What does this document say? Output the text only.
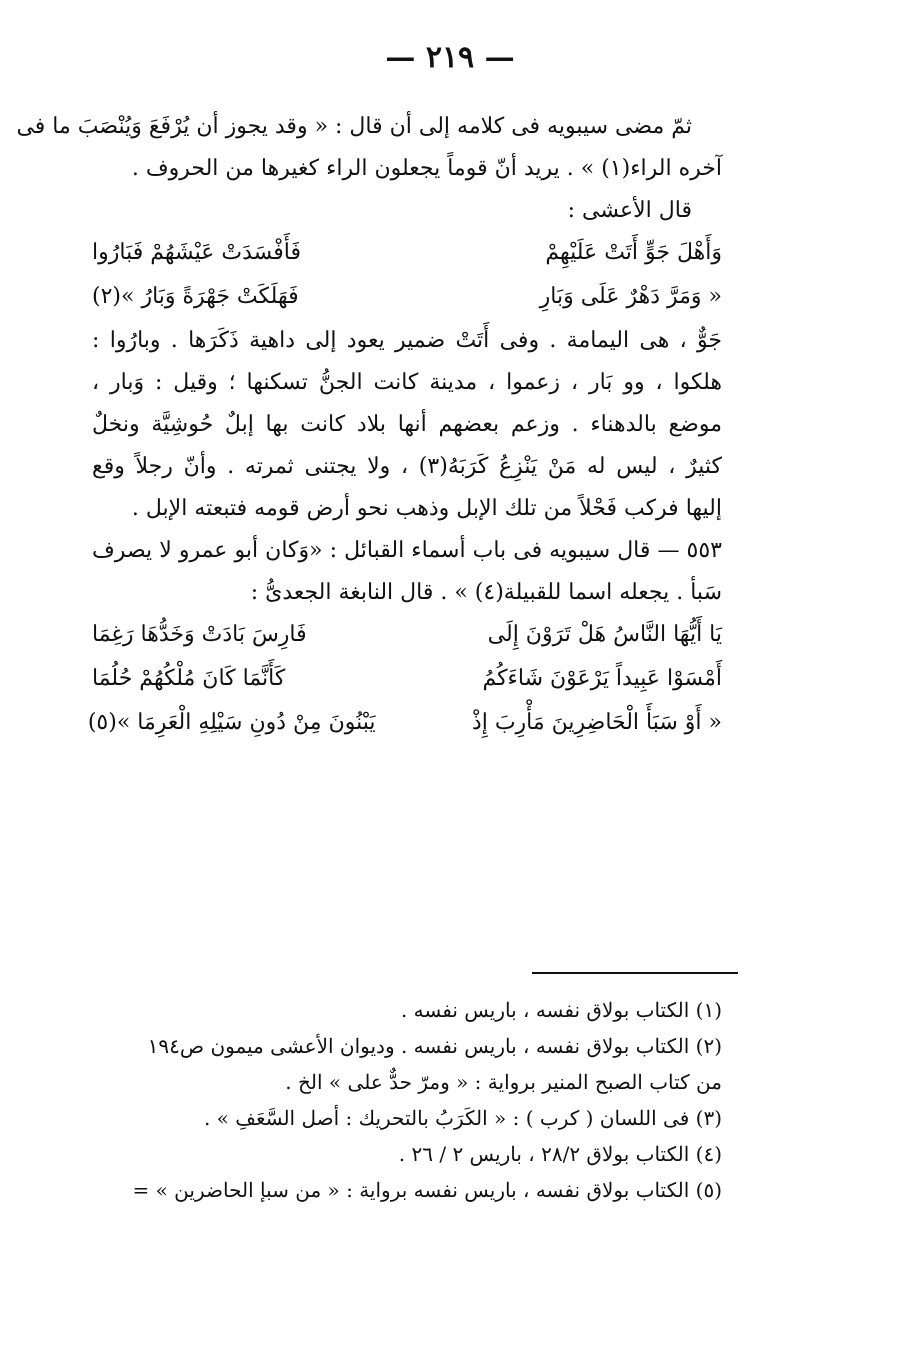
— ٢١٩ —
ثمّ مضى سيبويه فى كلامه إلى أن قال : « وقد يجوز أن يُرْفَعَ وَيُنْصَبَ ما فى
آخره الراء(١) » . يريد أنّ قوماً يجعلون الراء كغيرها من الحروف .
قال الأعشى :
وَأَهْلَ جَوٍّ أَتَتْ عَلَيْهِمْ
فَأَفْسَدَتْ عَيْشَهُمْ فَبَارُوا
« وَمَرَّ دَهْرٌ عَلَى وَبَارِ
فَهَلَكَتْ جَهْرَةً وَبَارُ »(٢)
جَوٌّ ، هى اليمامة . وفى أَتَتْ ضمير يعود إلى داهية ذَكَرَها . وبارُوا :
هلكوا ، وو بَار ، زعموا ، مدينة كانت الجنُّ تسكنها ؛ وقيل : وَبار ،
موضع بالدهناء . وزعم بعضهم أنها بلاد كانت بها إبلٌ حُوشِيَّة ونخلٌ
كثيرٌ ، ليس له مَنْ يَنْزِعُ كَرَبَهُ(٣) ، ولا يجتنى ثمرته . وأنّ رجلاً وقع
إليها فركب فَحْلاً من تلك الإبل وذهب نحو أرض قومه فتبعته الإبل .
٥٥٣ — قال سيبويه فى باب أسماء القبائل : «وَكان أبو عمرو لا يصرف
سَبأ . يجعله اسما للقبيلة(٤) » . قال النابغة الجعدىُّ :
يَا أَيُّهَا النَّاسُ هَلْ تَرَوْنَ إِلَى
فَارِسَ بَادَتْ وَخَدُّهَا رَغِمَا
أَمْسَوْا عَبِيداً يَرْعَوْنَ شَاءَكُمُ
كَأَنَّمَا كَانَ مُلْكُهُمْ حُلُمَا
« أَوْ سَبَأَ الْحَاضِرِينَ مَأْرِبَ إِذْ
يَبْنُونَ مِنْ دُونِ سَيْلِهِ الْعَرِمَا »(٥)
(١) الكتاب بولاق نفسه ، باريس نفسه .
(٢) الكتاب بولاق نفسه ، باريس نفسه . وديوان الأعشى ميمون ص١٩٤
من كتاب الصبح المنير برواية : « ومرّ حدٌّ على » الخ .
(٣) فى اللسان ( كرب ) : « الكَرَبُ بالتحريك : أصل السَّعَفِ » .
(٤) الكتاب بولاق ٢٨/٢ ، باريس ٢ / ٢٦ .
(٥) الكتاب بولاق نفسه ، باريس نفسه برواية : « من سبإ الحاضرين » =
